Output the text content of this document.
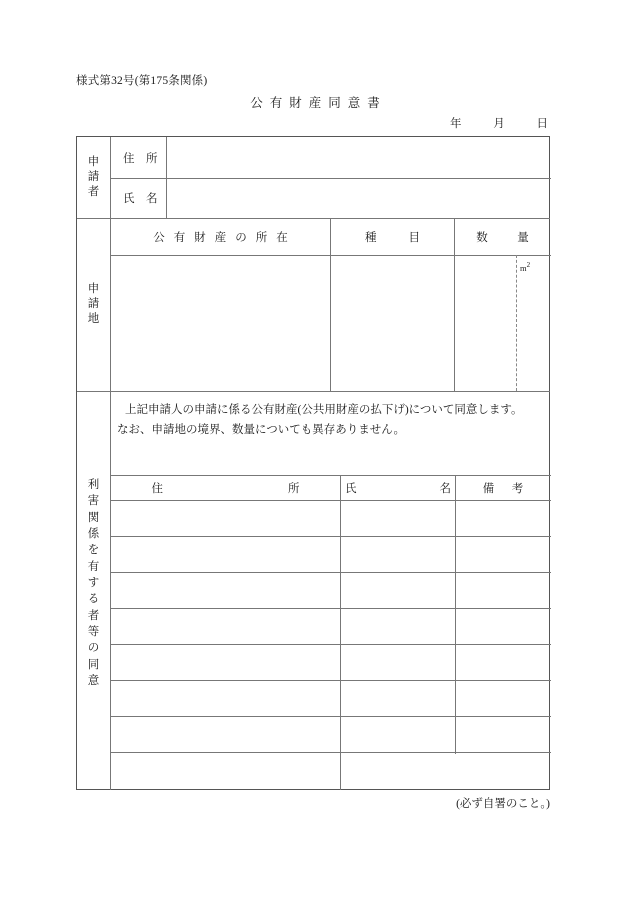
様式第32号(第175条関係)
公有財産同意書
年	月	日
申
請
者
住　所
氏　名
申
請
地
公有財産の所在	種　　目	数　量
$m^2$
上記申請人の申請に係る公有財産(公共用財産の払下げ)について同意します。
なお、申請地の境界、数量についても異存ありません。
利
害
関
係
を
有
す
る
者
等
の
同
意
住　　所	氏　　名	備　考
(必ず自署のこと。)
